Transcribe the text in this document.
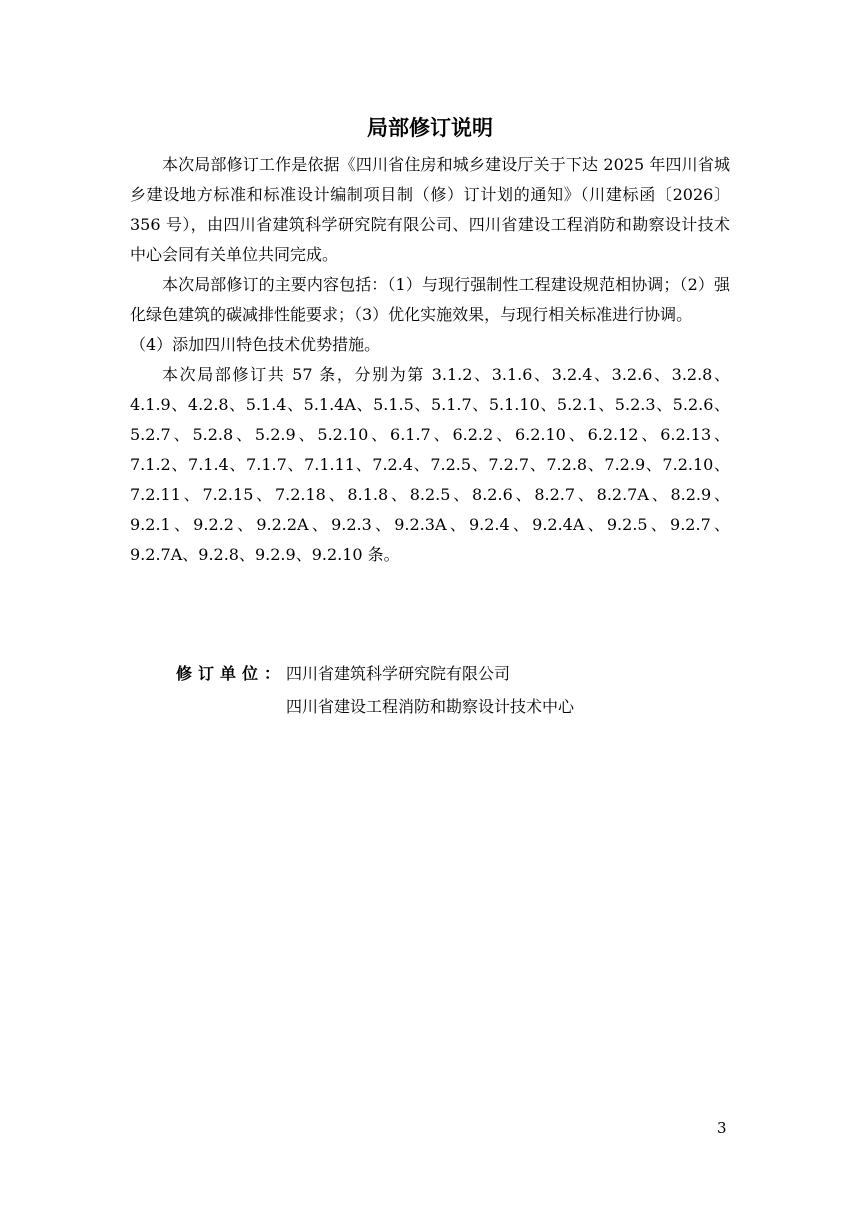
局部修订说明

本次局部修订工作是依据《四川省住房和城乡建设厅关于下达 2025 年四川省城乡建设地方标准和标准设计编制项目制（修）订计划的通知》（川建标函〔2026〕356 号），由四川省建筑科学研究院有限公司、四川省建设工程消防和勘察设计技术中心会同有关单位共同完成。

本次局部修订的主要内容包括：（1）与现行强制性工程建设规范相协调；（2）强化绿色建筑的碳减排性能要求；（3）优化实施效果，与现行相关标准进行协调。

（4）添加四川特色技术优势措施。

本次局部修订共 57 条，分别为第 3.1.2、3.1.6、3.2.4、3.2.6、3.2.8、4.1.9、4.2.8、5.1.4、5.1.4A、5.1.5、5.1.7、5.1.10、5.2.1、5.2.3、5.2.6、5.2.7、5.2.8、5.2.9、5.2.10、6.1.7、6.2.2、6.2.10、6.2.12、6.2.13、7.1.2、7.1.4、7.1.7、7.1.11、7.2.4、7.2.5、7.2.7、7.2.8、7.2.9、7.2.10、7.2.11、7.2.15、7.2.18、8.1.8、8.2.5、8.2.6、8.2.7、8.2.7A、8.2.9、9.2.1、9.2.2、9.2.2A、9.2.3、9.2.3A、9.2.4、9.2.4A、9.2.5、9.2.7、9.2.7A、9.2.8、9.2.9、9.2.10 条。

修订单位：四川省建筑科学研究院有限公司
四川省建设工程消防和勘察设计技术中心
3
